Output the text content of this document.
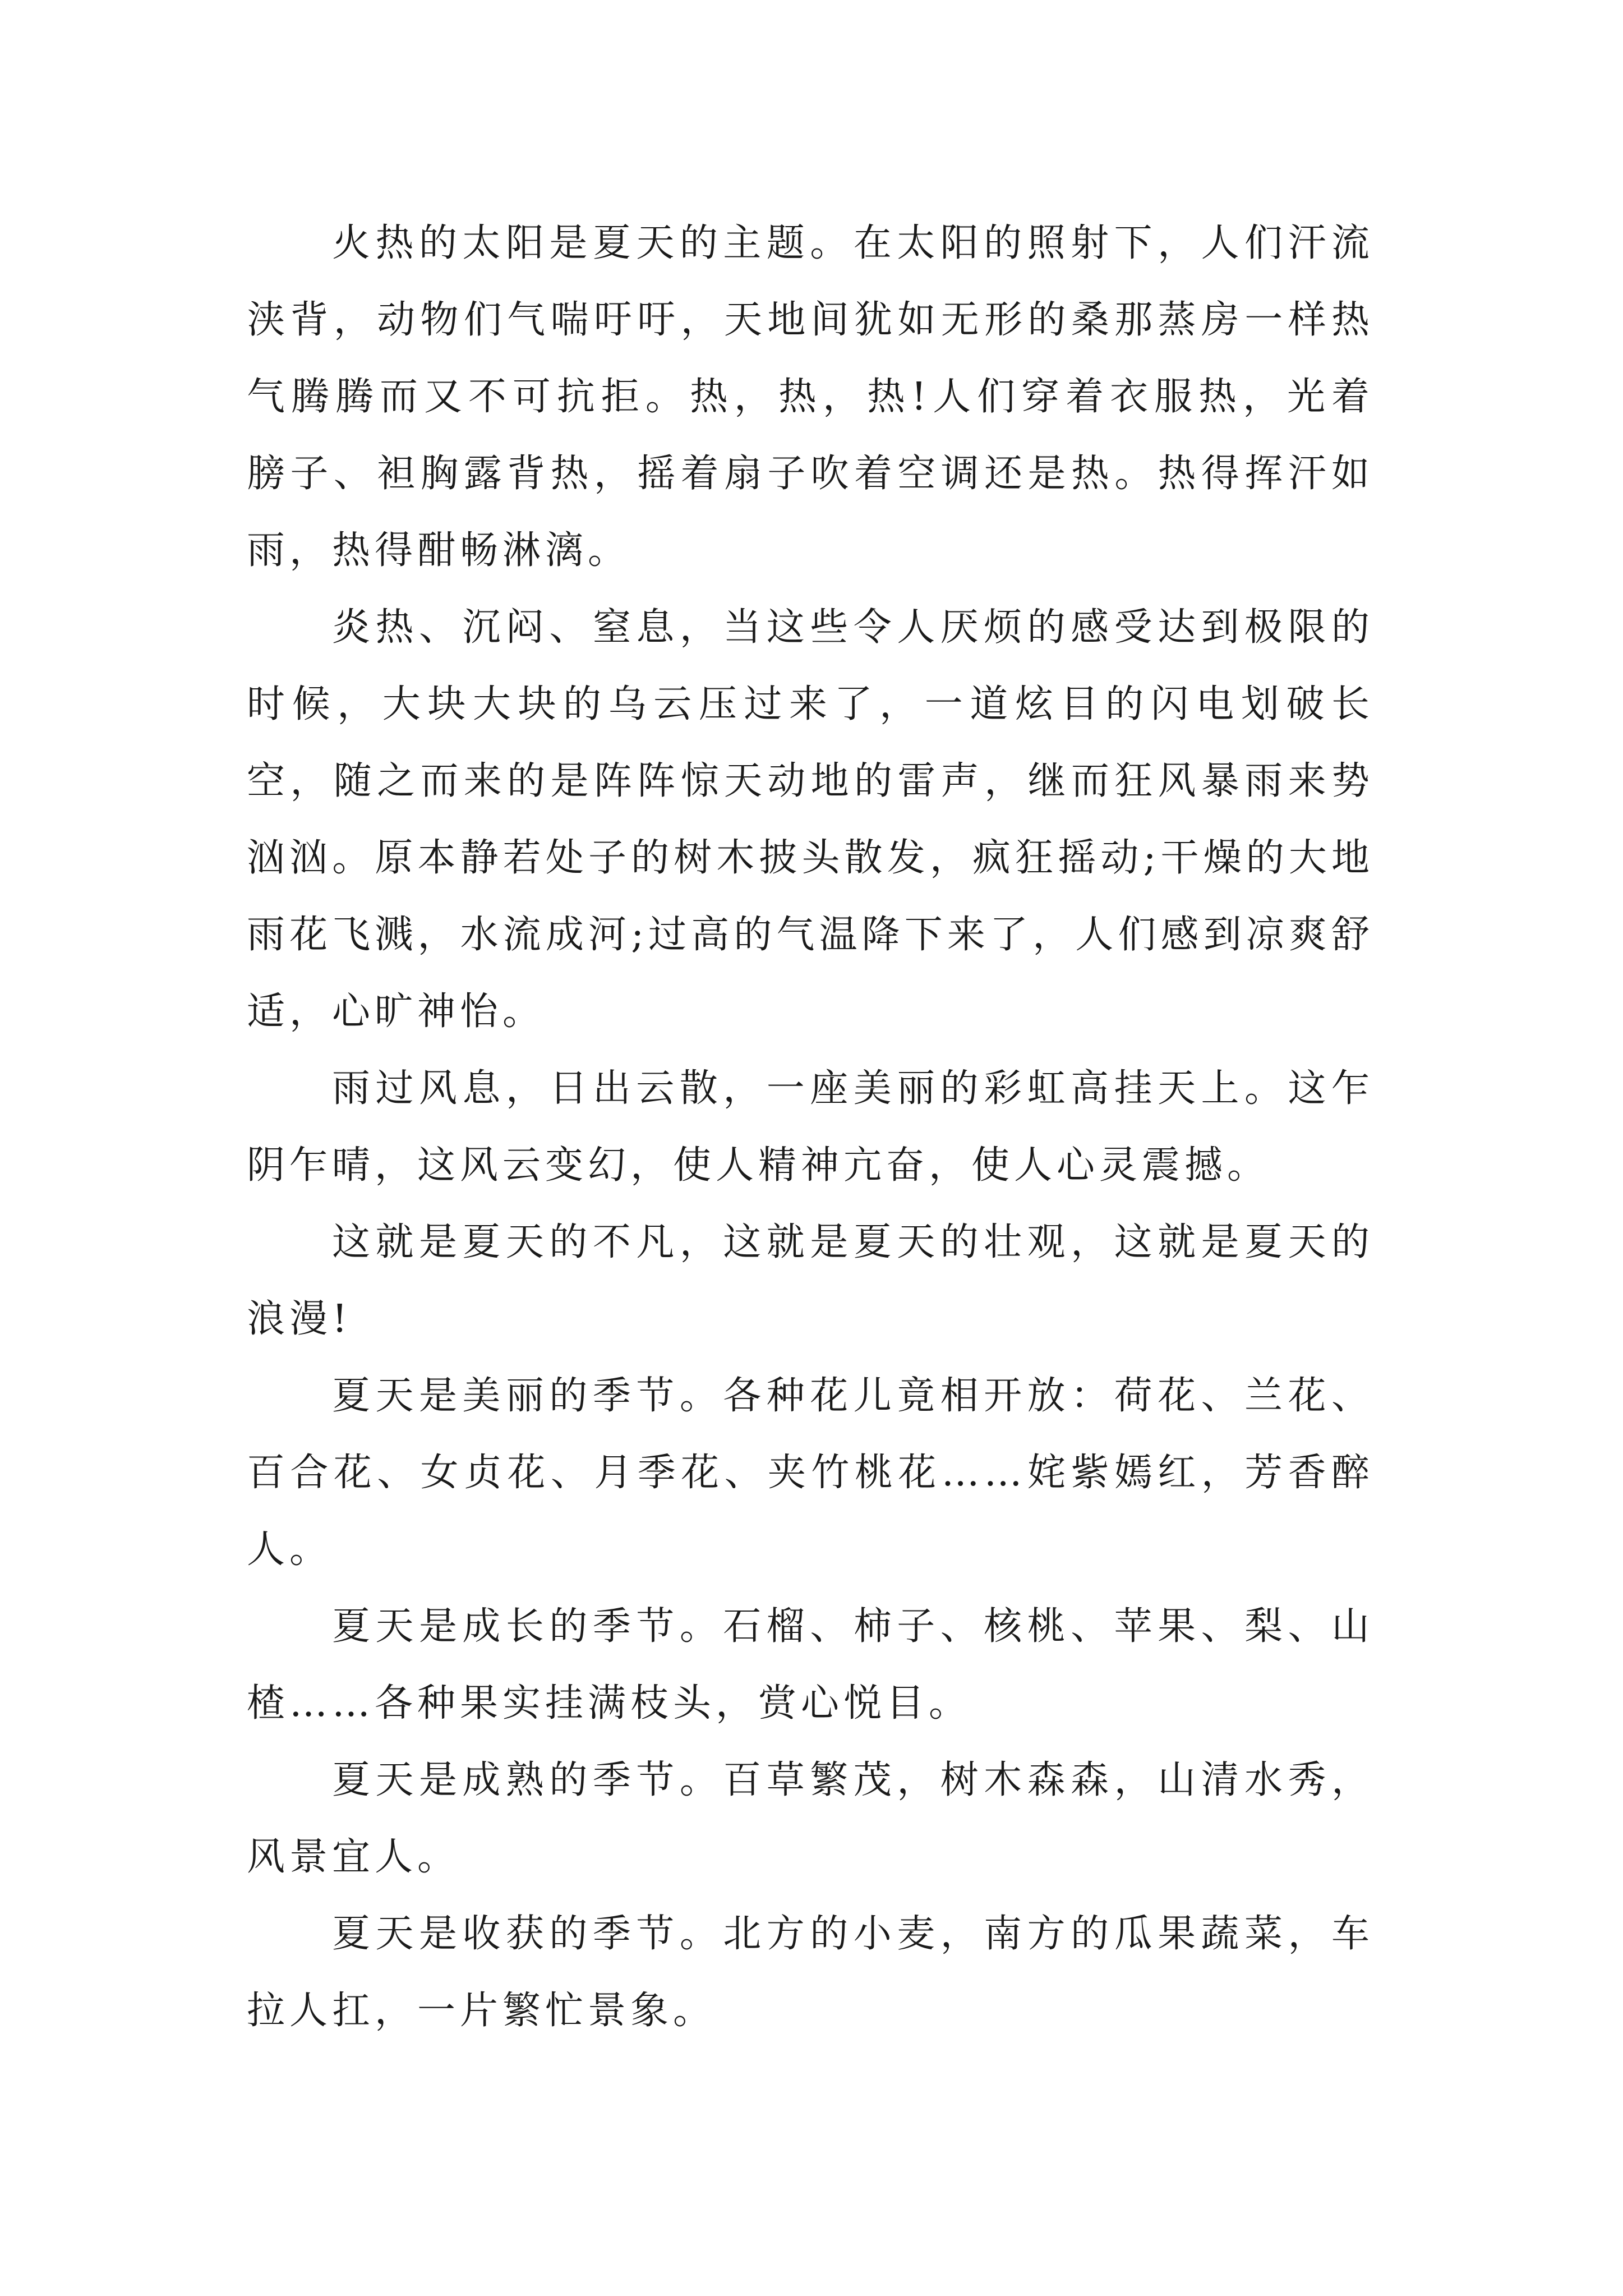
火热的太阳是夏天的主题。在太阳的照射下，人们汗流浃背，动物们气喘吁吁，天地间犹如无形的桑那蒸房一样热气腾腾而又不可抗拒。热，热，热!人们穿着衣服热，光着膀子、袒胸露背热，摇着扇子吹着空调还是热。热得挥汗如雨，热得酣畅淋漓。

炎热、沉闷、窒息，当这些令人厌烦的感受达到极限的时候，大块大块的乌云压过来了，一道炫目的闪电划破长空，随之而来的是阵阵惊天动地的雷声，继而狂风暴雨来势汹汹。原本静若处子的树木披头散发，疯狂摇动;干燥的大地雨花飞溅，水流成河;过高的气温降下来了，人们感到凉爽舒适，心旷神怡。

雨过风息，日出云散，一座美丽的彩虹高挂天上。这乍阴乍晴，这风云变幻，使人精神亢奋，使人心灵震撼。

这就是夏天的不凡，这就是夏天的壮观，这就是夏天的浪漫!

夏天是美丽的季节。各种花儿竟相开放：荷花、兰花、百合花、女贞花、月季花、夹竹桃花……姹紫嫣红，芳香醉人。

夏天是成长的季节。石榴、柿子、核桃、苹果、梨、山楂……各种果实挂满枝头，赏心悦目。

夏天是成熟的季节。百草繁茂，树木森森，山清水秀，风景宜人。

夏天是收获的季节。北方的小麦，南方的瓜果蔬菜，车拉人扛，一片繁忙景象。
